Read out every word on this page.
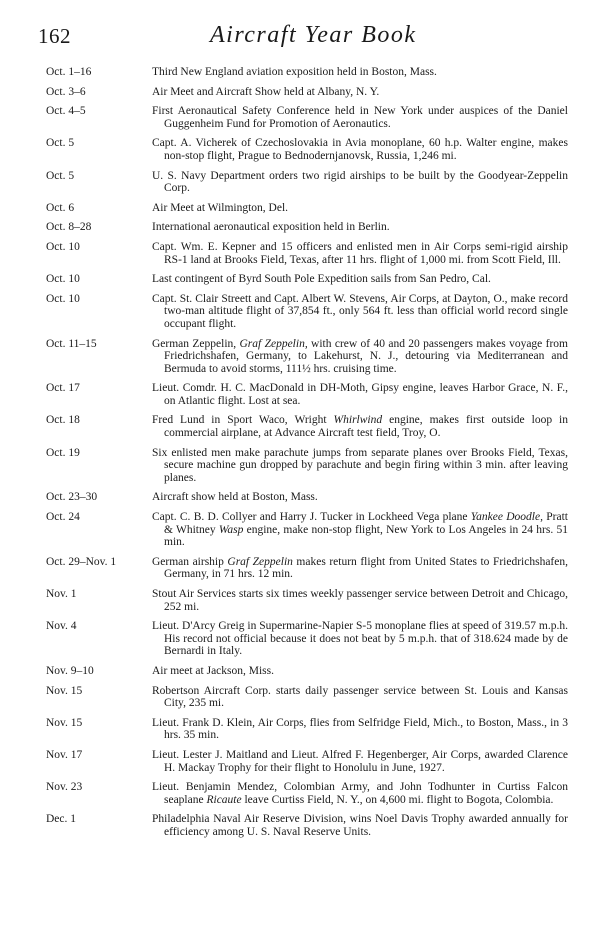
162	Aircraft Year Book
Oct. 1–16	Third New England aviation exposition held in Boston, Mass.
Oct. 3–6	Air Meet and Aircraft Show held at Albany, N. Y.
Oct. 4–5	First Aeronautical Safety Conference held in New York under auspices of the Daniel Guggenheim Fund for Promotion of Aeronautics.
Oct. 5	Capt. A. Vicherek of Czechoslovakia in Avia monoplane, 60 h.p. Walter engine, makes non-stop flight, Prague to Bednodernjanovsk, Russia, 1,246 mi.
Oct. 5	U. S. Navy Department orders two rigid airships to be built by the Goodyear-Zeppelin Corp.
Oct. 6	Air Meet at Wilmington, Del.
Oct. 8–28	International aeronautical exposition held in Berlin.
Oct. 10	Capt. Wm. E. Kepner and 15 officers and enlisted men in Air Corps semi-rigid airship RS-1 land at Brooks Field, Texas, after 11 hrs. flight of 1,000 mi. from Scott Field, Ill.
Oct. 10	Last contingent of Byrd South Pole Expedition sails from San Pedro, Cal.
Oct. 10	Capt. St. Clair Streett and Capt. Albert W. Stevens, Air Corps, at Dayton, O., make record two-man altitude flight of 37,854 ft., only 564 ft. less than official world record single occupant flight.
Oct. 11–15	German Zeppelin, Graf Zeppelin, with crew of 40 and 20 passengers makes voyage from Friedrichshafen, Germany, to Lakehurst, N. J., detouring via Mediterranean and Bermuda to avoid storms, 111½ hrs. cruising time.
Oct. 17	Lieut. Comdr. H. C. MacDonald in DH-Moth, Gipsy engine, leaves Harbor Grace, N. F., on Atlantic flight. Lost at sea.
Oct. 18	Fred Lund in Sport Waco, Wright Whirlwind engine, makes first outside loop in commercial airplane, at Advance Aircraft test field, Troy, O.
Oct. 19	Six enlisted men make parachute jumps from separate planes over Brooks Field, Texas, secure machine gun dropped by parachute and begin firing within 3 min. after leaving planes.
Oct. 23–30	Aircraft show held at Boston, Mass.
Oct. 24	Capt. C. B. D. Collyer and Harry J. Tucker in Lockheed Vega plane Yankee Doodle, Pratt & Whitney Wasp engine, make non-stop flight, New York to Los Angeles in 24 hrs. 51 min.
Oct. 29–Nov. 1	German airship Graf Zeppelin makes return flight from United States to Friedrichshafen, Germany, in 71 hrs. 12 min.
Nov. 1	Stout Air Services starts six times weekly passenger service between Detroit and Chicago, 252 mi.
Nov. 4	Lieut. D'Arcy Greig in Supermarine-Napier S-5 monoplane flies at speed of 319.57 m.p.h. His record not official because it does not beat by 5 m.p.h. that of 318.624 made by de Bernardi in Italy.
Nov. 9–10	Air meet at Jackson, Miss.
Nov. 15	Robertson Aircraft Corp. starts daily passenger service between St. Louis and Kansas City, 235 mi.
Nov. 15	Lieut. Frank D. Klein, Air Corps, flies from Selfridge Field, Mich., to Boston, Mass., in 3 hrs. 35 min.
Nov. 17	Lieut. Lester J. Maitland and Lieut. Alfred F. Hegenberger, Air Corps, awarded Clarence H. Mackay Trophy for their flight to Honolulu in June, 1927.
Nov. 23	Lieut. Benjamin Mendez, Colombian Army, and John Todhunter in Curtiss Falcon seaplane Ricaute leave Curtiss Field, N. Y., on 4,600 mi. flight to Bogota, Colombia.
Dec. 1	Philadelphia Naval Air Reserve Division, wins Noel Davis Trophy awarded annually for efficiency among U. S. Naval Reserve Units.
